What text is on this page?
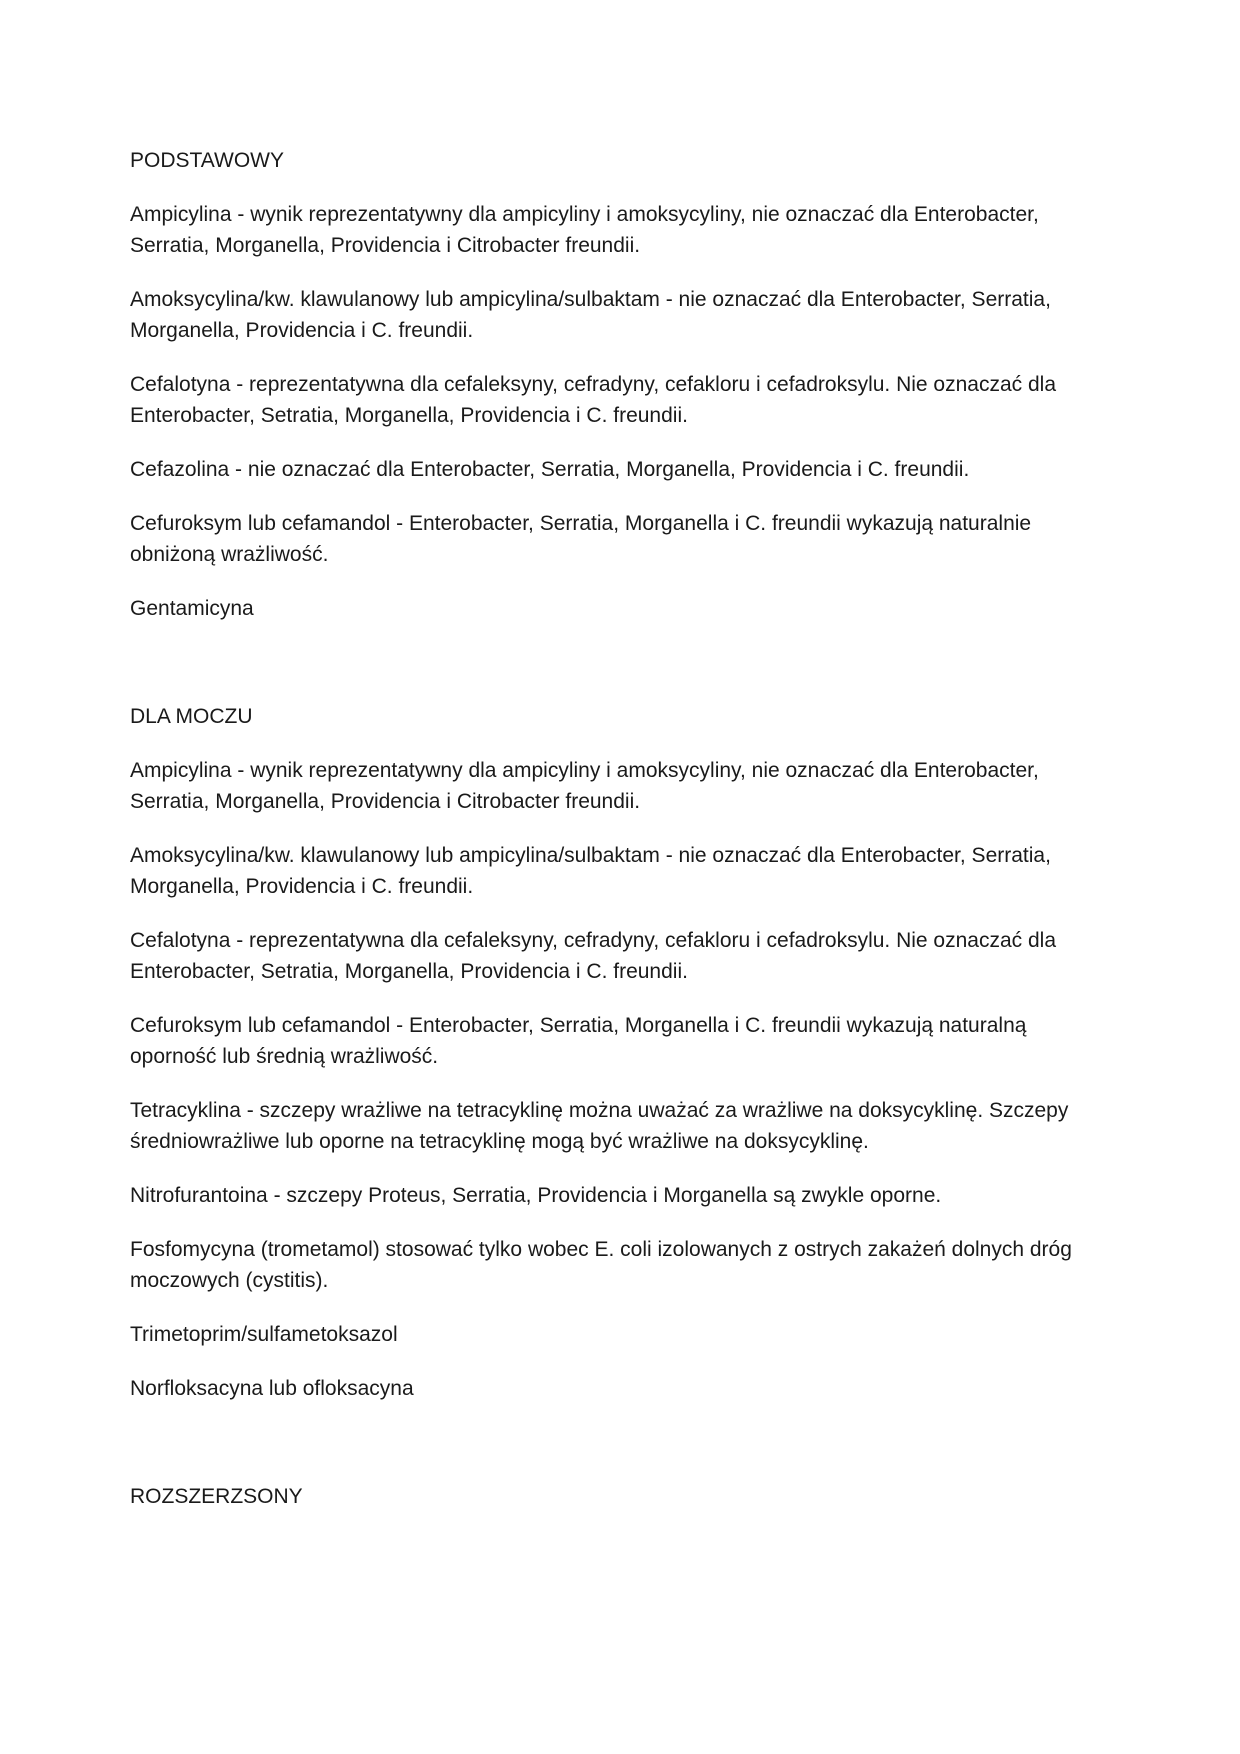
PODSTAWOWY

Ampicylina - wynik reprezentatywny dla ampicyliny i amoksycyliny, nie oznaczać dla Enterobacter,
Serratia, Morganella, Providencia i Citrobacter freundii.

Amoksycylina/kw. klawulanowy lub ampicylina/sulbaktam - nie oznaczać dla Enterobacter, Serratia,
Morganella, Providencia i C. freundii.

Cefalotyna - reprezentatywna dla cefaleksyny, cefradyny, cefakloru i cefadroksylu. Nie oznaczać dla
Enterobacter, Setratia, Morganella, Providencia i C. freundii.

Cefazolina - nie oznaczać dla Enterobacter, Serratia, Morganella, Providencia i C. freundii.

Cefuroksym lub cefamandol - Enterobacter, Serratia, Morganella i C. freundii wykazują naturalnie
obniżoną wrażliwość.

Gentamicyna

DLA MOCZU

Ampicylina - wynik reprezentatywny dla ampicyliny i amoksycyliny, nie oznaczać dla Enterobacter,
Serratia, Morganella, Providencia i Citrobacter freundii.

Amoksycylina/kw. klawulanowy lub ampicylina/sulbaktam - nie oznaczać dla Enterobacter, Serratia,
Morganella, Providencia i C. freundii.

Cefalotyna - reprezentatywna dla cefaleksyny, cefradyny, cefakloru i cefadroksylu. Nie oznaczać dla
Enterobacter, Setratia, Morganella, Providencia i C. freundii.

Cefuroksym lub cefamandol - Enterobacter, Serratia, Morganella i C. freundii wykazują naturalną
oporność lub średnią wrażliwość.

Tetracyklina - szczepy wrażliwe na tetracyklinę można uważać za wrażliwe na doksycyklinę. Szczepy
średniowrażliwe lub oporne na tetracyklinę mogą być wrażliwe na doksycyklinę.

Nitrofurantoina - szczepy Proteus, Serratia, Providencia i Morganella są zwykle oporne.

Fosfomycyna (trometamol) stosować tylko wobec E. coli izolowanych z ostrych zakażeń dolnych dróg
moczowych (cystitis).

Trimetoprim/sulfametoksazol

Norfloksacyna lub ofloksacyna

ROZSZERZSONY
